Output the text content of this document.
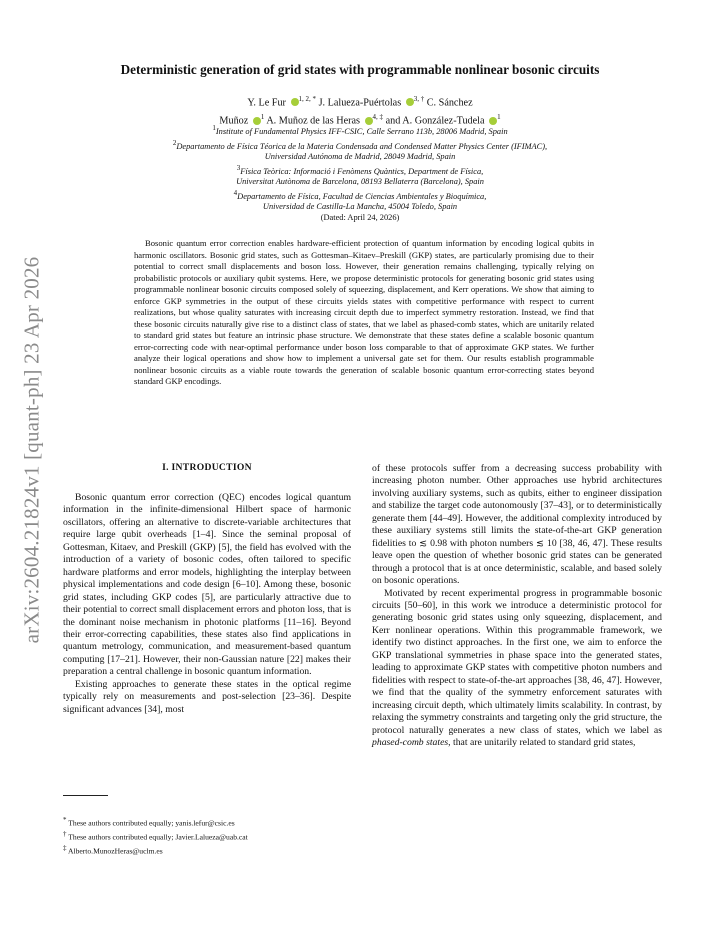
arXiv:2604.21824v1 [quant-ph] 23 Apr 2026
Deterministic generation of grid states with programmable nonlinear bosonic circuits
Y. Le Fur $^{1, 2, *}$ J. Lalueza-Puértolas $^{3, \dagger}$ C. Sánchez
Muñoz $^1$ A. Muñoz de las Heras $^{4, \ddagger}$ and A. González-Tudela $^1$
$^1$Institute of Fundamental Physics IFF-CSIC, Calle Serrano 113b, 28006 Madrid, Spain
$^2$Departamento de Física Téorica de la Materia Condensada and Condensed Matter Physics Center (IFIMAC),
Universidad Autónoma de Madrid, 28049 Madrid, Spain
$^3$Física Teòrica: Informació i Fenòmens Quàntics, Department de Física,
Universitat Autònoma de Barcelona, 08193 Bellaterra (Barcelona), Spain
$^4$Departamento de Física, Facultad de Ciencias Ambientales y Bioquímica,
Universidad de Castilla-La Mancha, 45004 Toledo, Spain
(Dated: April 24, 2026)

Bosonic quantum error correction enables hardware-efficient protection of quantum information by encoding logical qubits in harmonic oscillators. Bosonic grid states, such as Gottesman–Kitaev–Preskill (GKP) states, are particularly promising due to their potential to correct small displacements and boson loss. However, their generation remains challenging, typically relying on probabilistic protocols or auxiliary qubit systems. Here, we propose deterministic protocols for generating bosonic grid states using programmable nonlinear bosonic circuits composed solely of squeezing, displacement, and Kerr operations. We show that aiming to enforce GKP symmetries in the output of these circuits yields states with competitive performance with respect to current realizations, but whose quality saturates with increasing circuit depth due to imperfect symmetry restoration. Instead, we find that these bosonic circuits naturally give rise to a distinct class of states, that we label as phased-comb states, which are unitarily related to standard grid states but feature an intrinsic phase structure. We demonstrate that these states define a scalable bosonic quantum error-correcting code with near-optimal performance under boson loss comparable to that of approximate GKP states. We further analyze their logical operations and show how to implement a universal gate set for them. Our results establish programmable nonlinear bosonic circuits as a viable route towards the generation of scalable bosonic quantum error-correcting states beyond standard GKP encodings.

I. INTRODUCTION

Bosonic quantum error correction (QEC) encodes logical quantum information in the infinite-dimensional Hilbert space of harmonic oscillators, offering an alternative to discrete-variable architectures that require large qubit overheads [1–4]. Since the seminal proposal of Gottesman, Kitaev, and Preskill (GKP) [5], the field has evolved with the introduction of a variety of bosonic codes, often tailored to specific hardware platforms and error models, highlighting the interplay between physical implementations and code design [6–10]. Among these, bosonic grid states, including GKP codes [5], are particularly attractive due to their potential to correct small displacement errors and photon loss, that is the dominant noise mechanism in photonic platforms [11–16]. Beyond their error-correcting capabilities, these states also find applications in quantum metrology, communication, and measurement-based quantum computing [17–21]. However, their non-Gaussian nature [22] makes their preparation a central challenge in bosonic quantum information.

Existing approaches to generate these states in the optical regime typically rely on measurements and post-selection [23–36]. Despite significant advances [34], most

* These authors contributed equally; yanis.lefur@csic.es
† These authors contributed equally; Javier.Lalueza@uab.cat
‡ Alberto.MunozHeras@uclm.es

of these protocols suffer from a decreasing success probability with increasing photon number. Other approaches use hybrid architectures involving auxiliary systems, such as qubits, either to engineer dissipation and stabilize the target code autonomously [37–43], or to deterministically generate them [44–49]. However, the additional complexity introduced by these auxiliary systems still limits the state-of-the-art GKP generation fidelities to ≲ 0.98 with photon numbers ≲ 10 [38, 46, 47]. These results leave open the question of whether bosonic grid states can be generated through a protocol that is at once deterministic, scalable, and based solely on bosonic operations.

Motivated by recent experimental progress in programmable bosonic circuits [50–60], in this work we introduce a deterministic protocol for generating bosonic grid states using only squeezing, displacement, and Kerr nonlinear operations. Within this programmable framework, we identify two distinct approaches. In the first one, we aim to enforce the GKP translational symmetries in phase space into the generated states, leading to approximate GKP states with competitive photon numbers and fidelities with respect to state-of-the-art approaches [38, 46, 47]. However, we find that the quality of the symmetry enforcement saturates with increasing circuit depth, which ultimately limits scalability. In contrast, by relaxing the symmetry constraints and targeting only the grid structure, the protocol naturally generates a new class of states, which we label as phased-comb states, that are unitarily related to standard grid states,
